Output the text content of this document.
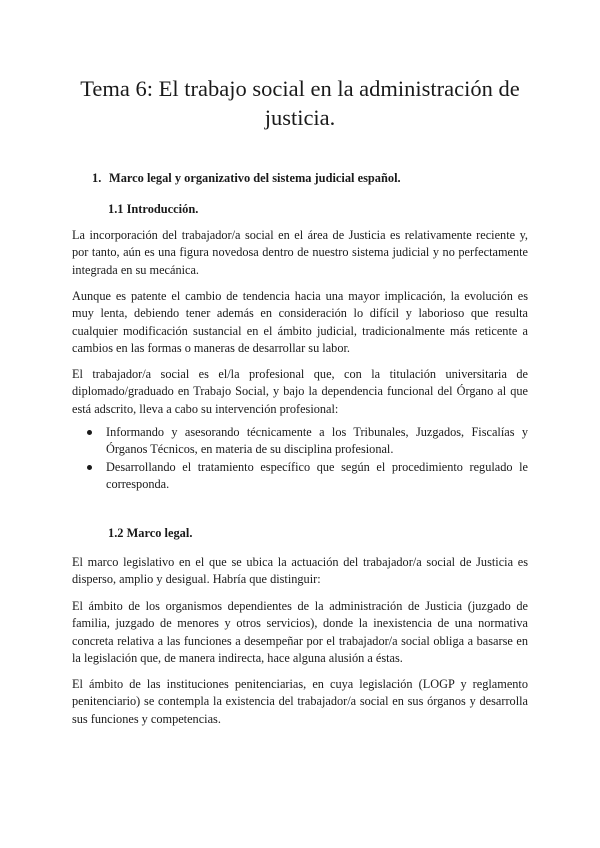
Tema 6: El trabajo social en la administración de justicia.

1. Marco legal y organizativo del sistema judicial español.

1.1 Introducción.

La incorporación del trabajador/a social en el área de Justicia es relativamente reciente y, por tanto, aún es una figura novedosa dentro de nuestro sistema judicial y no perfectamente integrada en su mecánica.

Aunque es patente el cambio de tendencia hacia una mayor implicación, la evolución es muy lenta, debiendo tener además en consideración lo difícil y laborioso que resulta cualquier modificación sustancial en el ámbito judicial, tradicionalmente más reticente a cambios en las formas o maneras de desarrollar su labor.

El trabajador/a social es el/la profesional que, con la titulación universitaria de diplomado/graduado en Trabajo Social, y bajo la dependencia funcional del Órgano al que está adscrito, lleva a cabo su intervención profesional:

Informando y asesorando técnicamente a los Tribunales, Juzgados, Fiscalías y Órganos Técnicos, en materia de su disciplina profesional.
Desarrollando el tratamiento específico que según el procedimiento regulado le corresponda.

1.2 Marco legal.

El marco legislativo en el que se ubica la actuación del trabajador/a social de Justicia es disperso, amplio y desigual. Habría que distinguir:

El ámbito de los organismos dependientes de la administración de Justicia (juzgado de familia, juzgado de menores y otros servicios), donde la inexistencia de una normativa concreta relativa a las funciones a desempeñar por el trabajador/a social obliga a basarse en la legislación que, de manera indirecta, hace alguna alusión a éstas.

El ámbito de las instituciones penitenciarias, en cuya legislación (LOGP y reglamento penitenciario) se contempla la existencia del trabajador/a social en sus órganos y desarrolla sus funciones y competencias.
